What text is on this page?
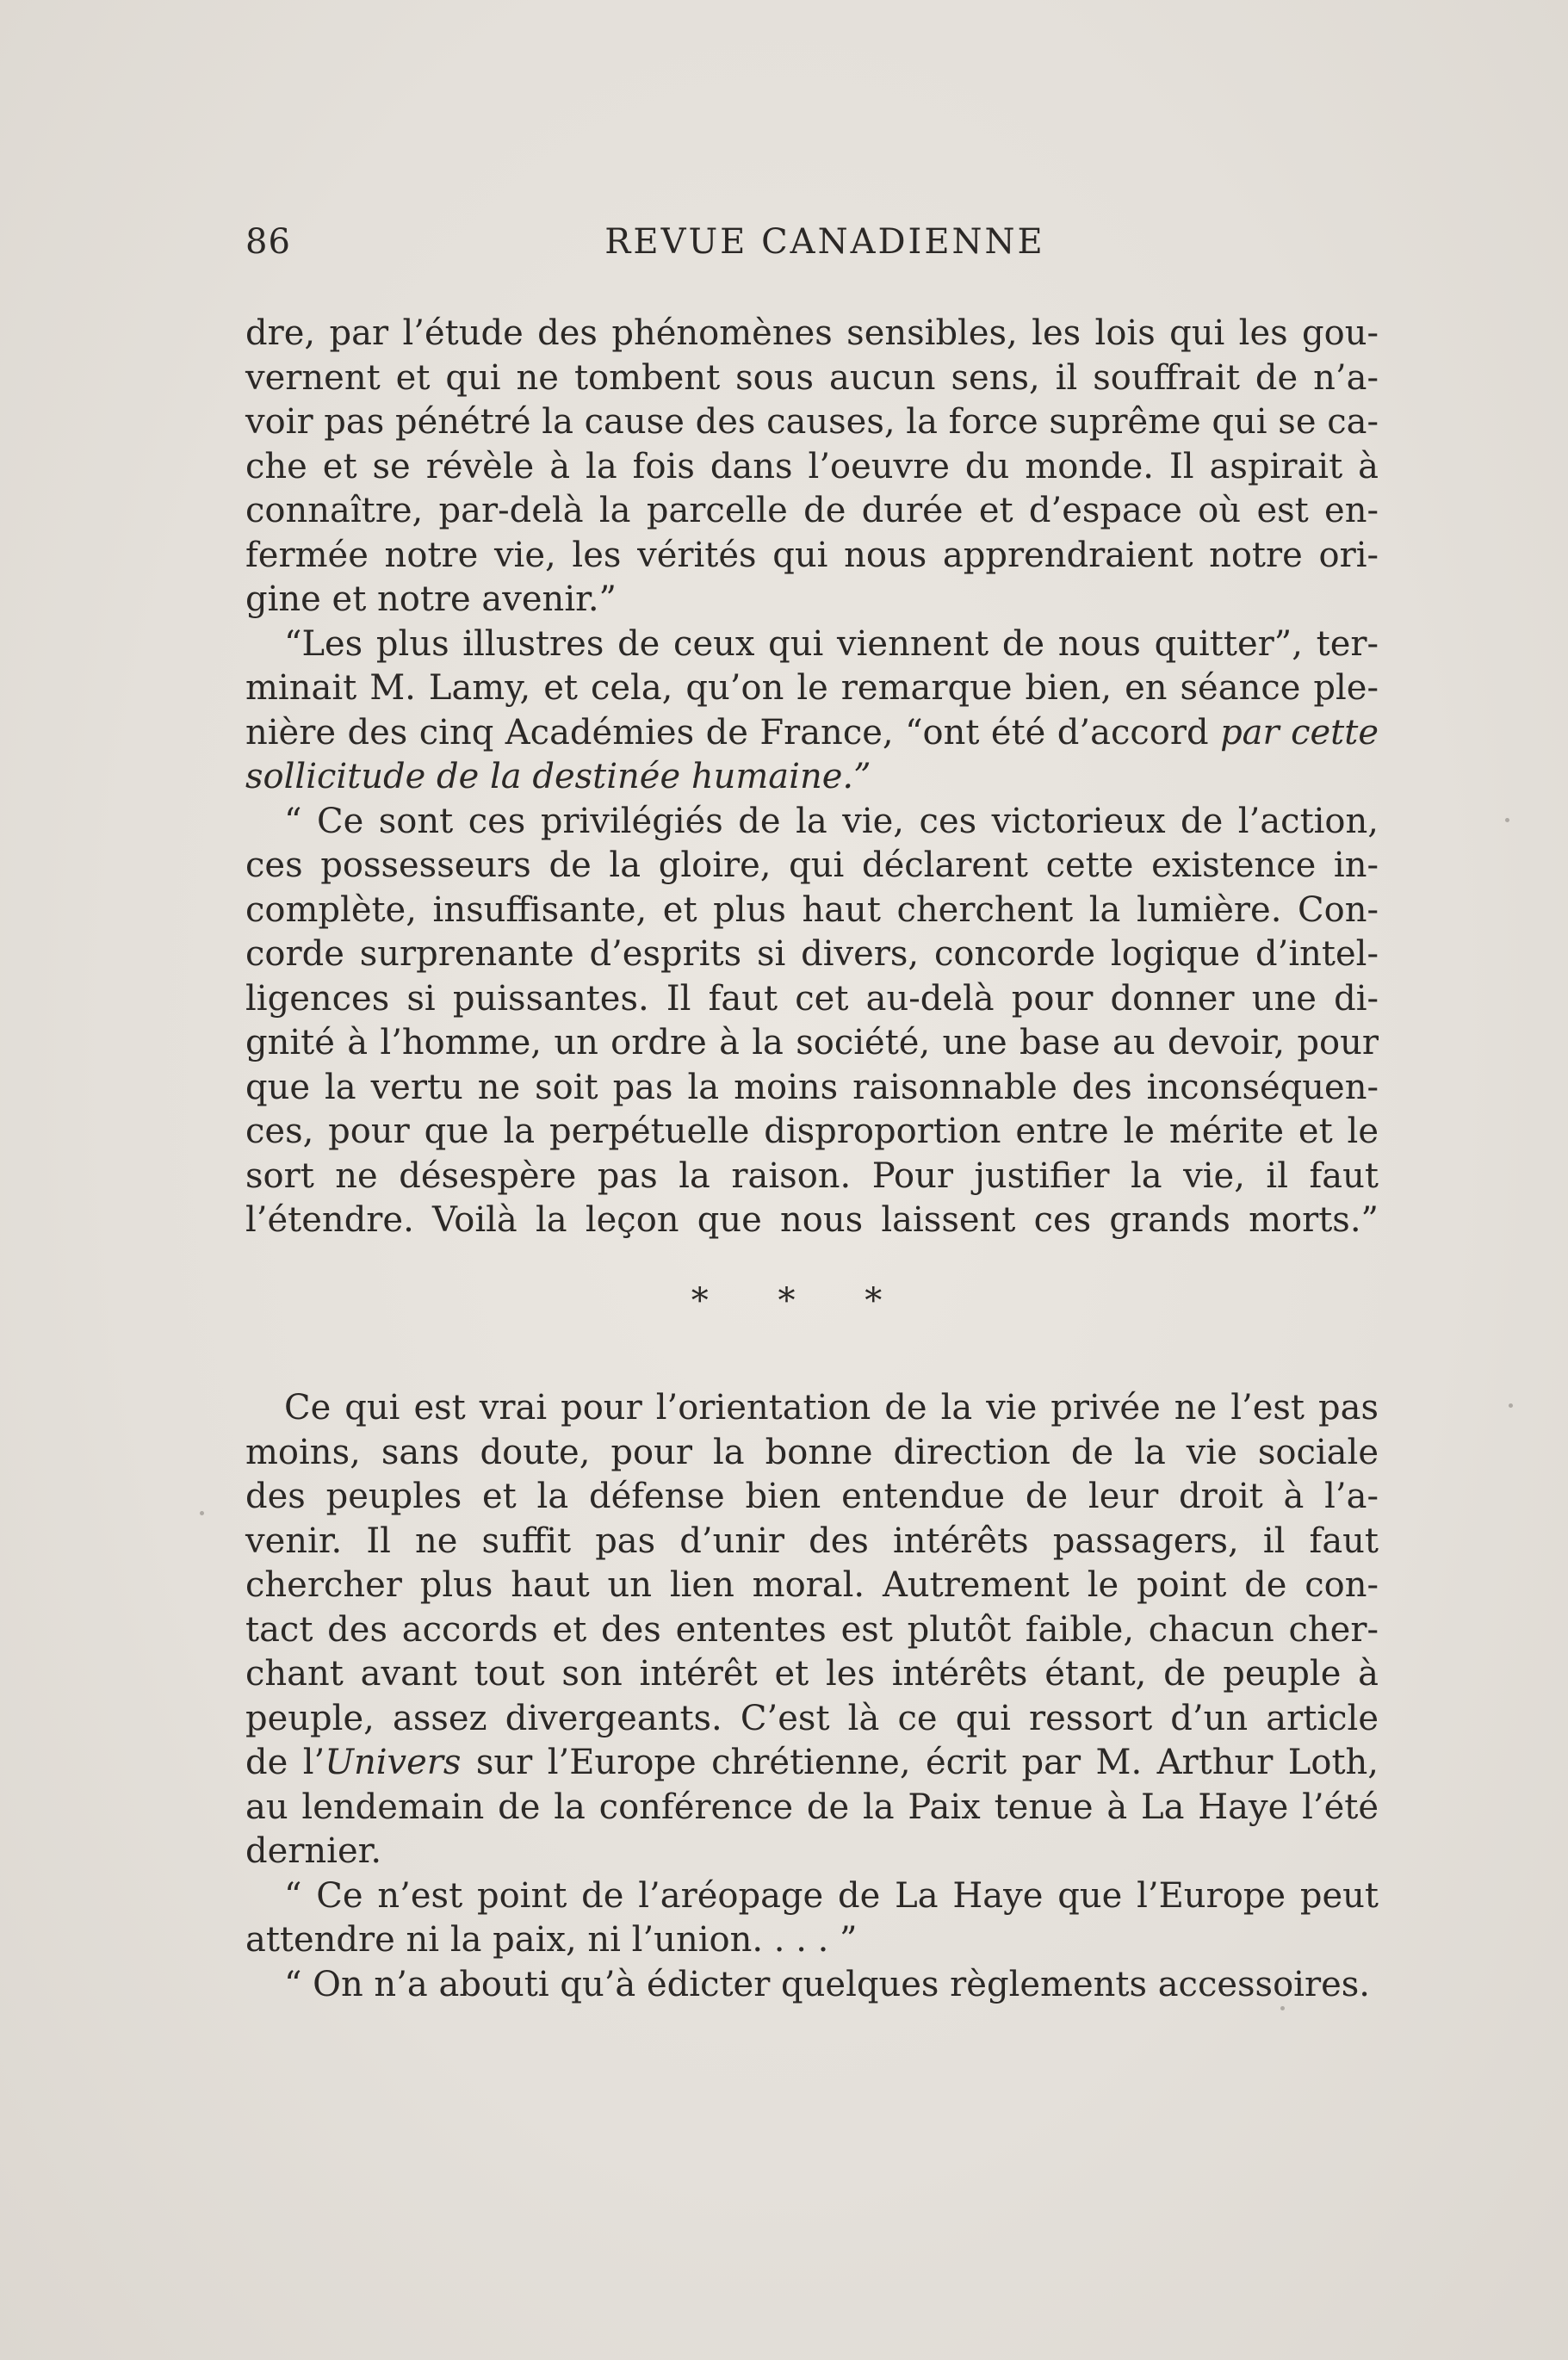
86	REVUE CANADIENNE
dre, par l’étude des phénomènes sensibles, les lois qui les gou-
vernent et qui ne tombent sous aucun sens, il souffrait de n’a-
voir pas pénétré la cause des causes, la force suprême qui se ca-
che et se révèle à la fois dans l’oeuvre du monde. Il aspirait à
connaître, par-delà la parcelle de durée et d’espace où est en-
fermée notre vie, les vérités qui nous apprendraient notre ori-
gine et notre avenir.”
“Les plus illustres de ceux qui viennent de nous quitter”, ter-
minait M. Lamy, et cela, qu’on le remarque bien, en séance ple-
nière des cinq Académies de France, “ont été d’accord par cette
sollicitude de la destinée humaine.”
“ Ce sont ces privilégiés de la vie, ces victorieux de l’action,
ces possesseurs de la gloire, qui déclarent cette existence in-
complète, insuffisante, et plus haut cherchent la lumière. Con-
corde surprenante d’esprits si divers, concorde logique d’intel-
ligences si puissantes. Il faut cet au-delà pour donner une di-
gnité à l’homme, un ordre à la société, une base au devoir, pour
que la vertu ne soit pas la moins raisonnable des inconséquen-
ces, pour que la perpétuelle disproportion entre le mérite et le
sort ne désespère pas la raison. Pour justifier la vie, il faut
l’étendre. Voilà la leçon que nous laissent ces grands morts.”
* * *
Ce qui est vrai pour l’orientation de la vie privée ne l’est pas
moins, sans doute, pour la bonne direction de la vie sociale
des peuples et la défense bien entendue de leur droit à l’a-
venir. Il ne suffit pas d’unir des intérêts passagers, il faut
chercher plus haut un lien moral. Autrement le point de con-
tact des accords et des ententes est plutôt faible, chacun cher-
chant avant tout son intérêt et les intérêts étant, de peuple à
peuple, assez divergeants. C’est là ce qui ressort d’un article
de l’Univers sur l’Europe chrétienne, écrit par M. Arthur Loth,
au lendemain de la conférence de la Paix tenue à La Haye l’été
dernier.
“ Ce n’est point de l’aréopage de La Haye que l’Europe peut
attendre ni la paix, ni l’union. . . . ”
“ On n’a abouti qu’à édicter quelques règlements accessoires.
